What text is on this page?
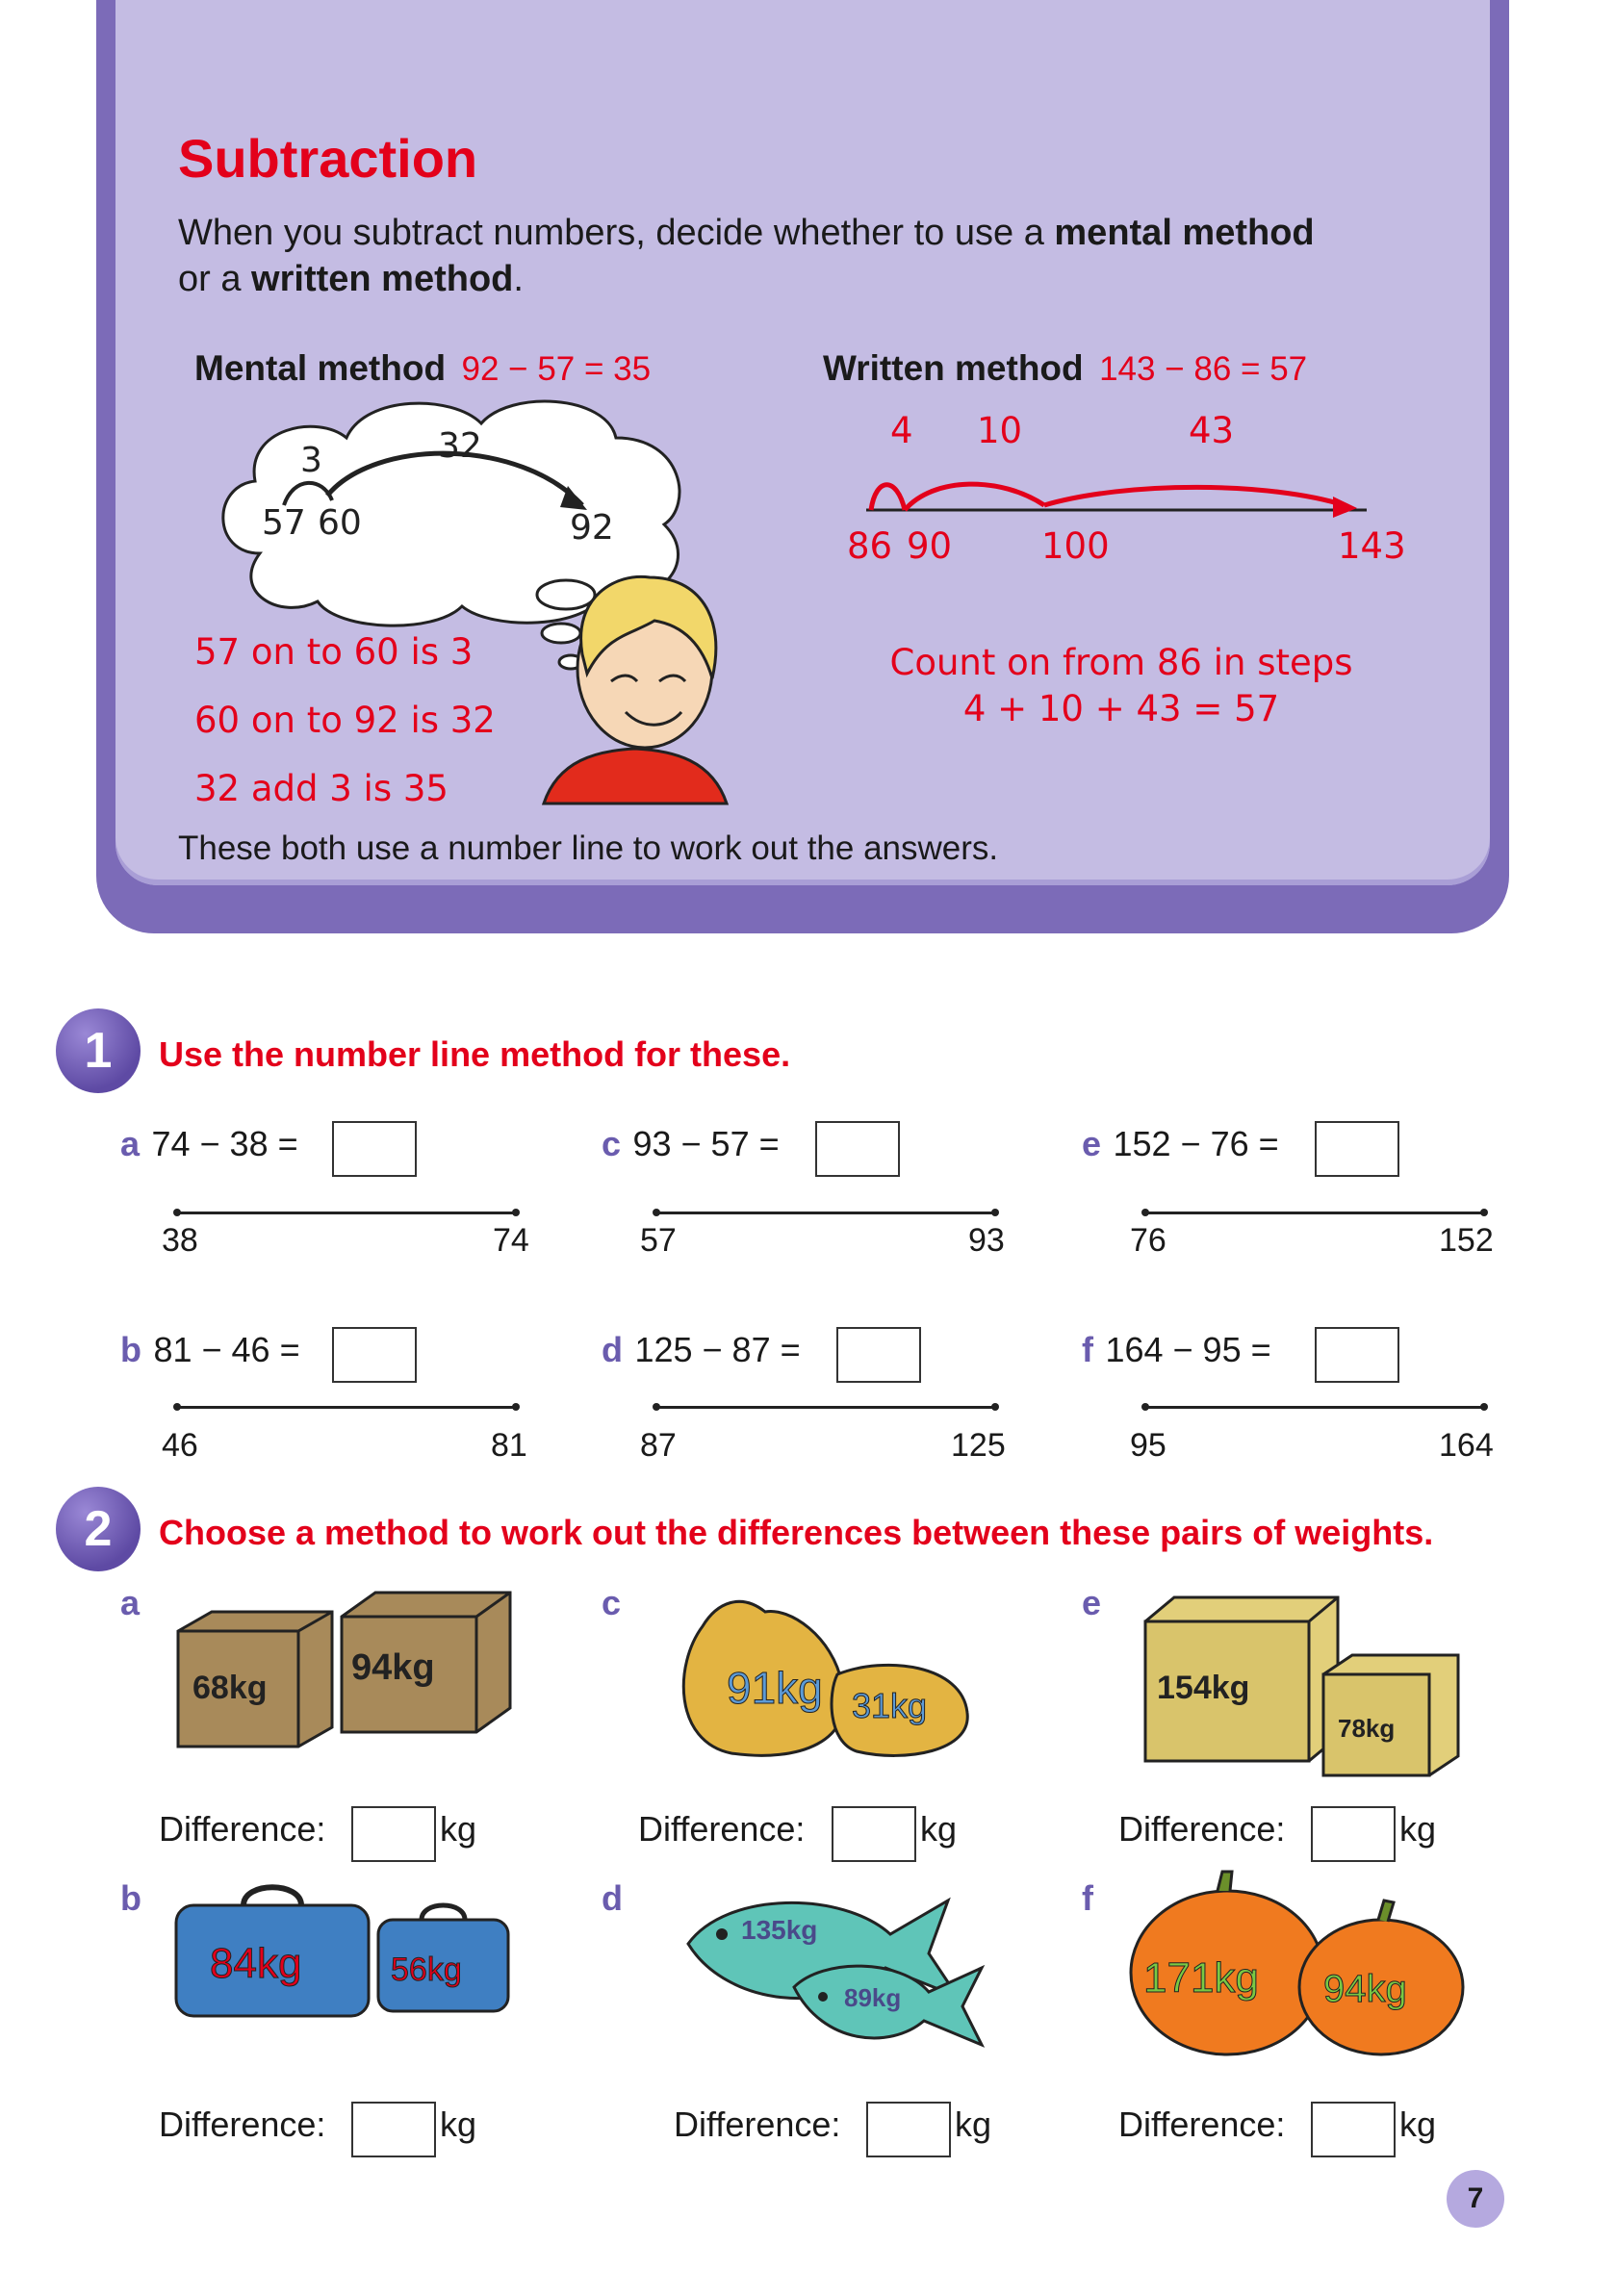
Subtraction
When you subtract numbers, decide whether to use a mental method
or a written method.
Mental method 92 − 57 = 35
3	32
57 60	92
57 on to 60 is 3
60 on to 92 is 32
32 add 3 is 35
Written method 143 − 86 = 57
4 10	43
86 90	100	143
Count on from 86 in steps
4 + 10 + 43 = 57
These both use a number line to work out the answers.
1	Use the number line method for these.
a 74 − 38 =
38	74
b 81 − 46 =
46	81
c 93 − 57 =
57	93
d 125 − 87 =
87	125
e 152 − 76 =
76	152
f 164 − 95 =
95	164
2	Choose a method to work out the differences between these pairs of weights.
a	c	e
b	d	f
68kg 94kg	91kg 31kg	154kg
78kg
84kg	56kg
135kg
89kg	171kg 94kg
Difference:	kg	Difference:	kg	Difference:	kg
Difference:	kg	Difference:	kg	Difference:	kg
7
